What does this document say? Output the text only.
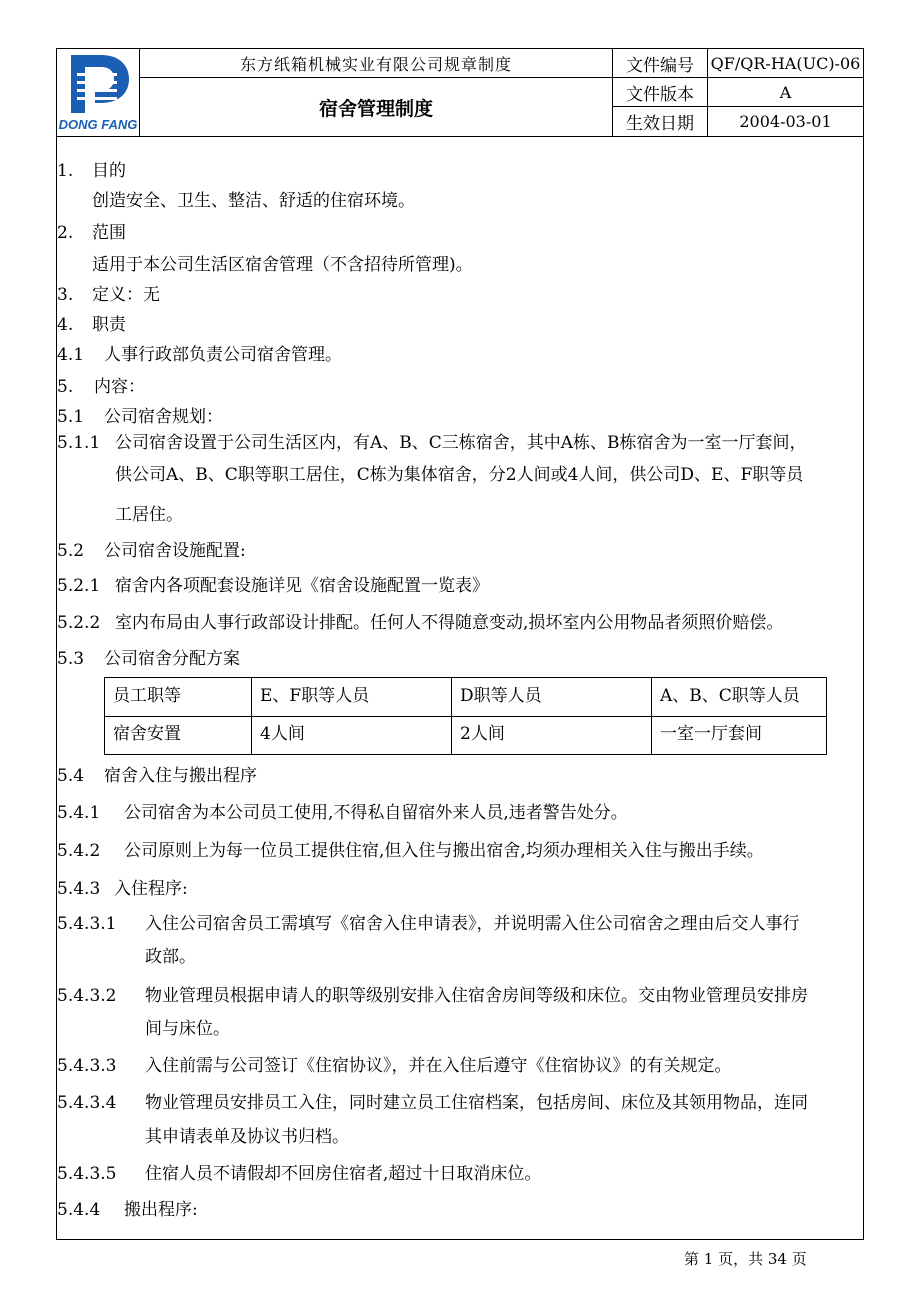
DONG FANG
东方纸箱机械实业有限公司规章制度
宿舍管理制度
文件编号	QF/QR-HA(UC)-06
文件版本	A
生效日期	2004-03-01
1. 目的
创造安全、卫生、整洁、舒适的住宿环境。
2. 范围
适用于本公司生活区宿舍管理（不含招待所管理)。
3. 定义：无
4. 职责
4.1 人事行政部负责公司宿舍管理。
5. 内容：
5.1 公司宿舍规划：
5.1.1 公司宿舍设置于公司生活区内，有A、B、C三栋宿舍，其中A栋、B栋宿舍为一室一厅套间，
供公司A、B、C职等职工居住，C栋为集体宿舍，分2人间或4人间，供公司D、E、F职等员
工居住。
5.2 公司宿舍设施配置:
5.2.1 宿舍内各项配套设施详见《宿舍设施配置一览表》
5.2.2 室内布局由人事行政部设计排配。任何人不得随意变动,损坏室内公用物品者须照价赔偿。
5.3 公司宿舍分配方案
5.4 宿舍入住与搬出程序
5.4.1 公司宿舍为本公司员工使用,不得私自留宿外来人员,违者警告处分。
5.4.2 公司原则上为每一位员工提供住宿,但入住与搬出宿舍,均须办理相关入住与搬出手续。
5.4.3 入住程序:
5.4.3.1 入住公司宿舍员工需填写《宿舍入住申请表》，并说明需入住公司宿舍之理由后交人事行
政部。
5.4.3.2 物业管理员根据申请人的职等级别安排入住宿舍房间等级和床位。交由物业管理员安排房
间与床位。
5.4.3.3 入住前需与公司签订《住宿协议》，并在入住后遵守《住宿协议》的有关规定。
5.4.3.4 物业管理员安排员工入住，同时建立员工住宿档案，包括房间、床位及其领用物品，连同
其申请表单及协议书归档。
5.4.3.5 住宿人员不请假却不回房住宿者,超过十日取消床位。
5.4.4 搬出程序:
员工职等	E、F职等人员	D职等人员	A、B、C职等人员
宿舍安置	4人间	2人间	一室一厅套间
第 1 页，共 34 页
